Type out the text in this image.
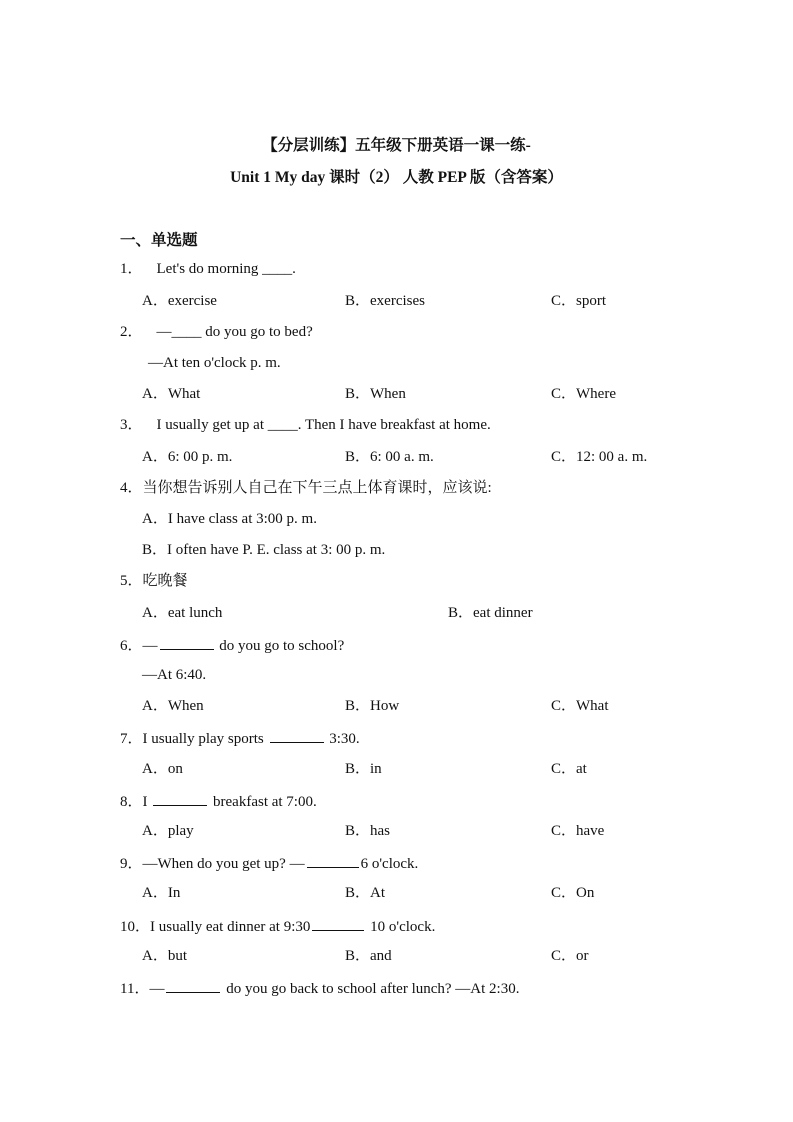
【分层训练】五年级下册英语一课一练-
Unit 1 My day 课时（2） 人教 PEP 版（含答案）
一、单选题
1． Let's do morning ____.
A．exercise	B．exercises	C．sport
2． —____ do you go to bed?
—At ten o'clock p. m.
A．What	B．When	C．Where
3． I usually get up at ____. Then I have breakfast at home.
A．6: 00 p. m.	B．6: 00 a. m.	C．12: 00 a. m.
4．当你想告诉别人自己在下午三点上体育课时，应该说:
A．I have class at 3:00 p. m.
B．I often have P. E. class at 3: 00 p. m.
5．吃晚餐
A．eat lunch	B．eat dinner
6．—	do you go to school?
—At 6:40.
A．When	B．How	C．What
7．I usually play sports	3:30.
A．on	B．in	C．at
8．I	breakfast at 7:00.
A．play	B．has	C．have
9．—When do you get up? —	6 o'clock.
A．In	B．At	C．On
10．I usually eat dinner at 9:30	10 o'clock.
A．but	B．and	C．or
11．—	do you go back to school after lunch? —At 2:30.
